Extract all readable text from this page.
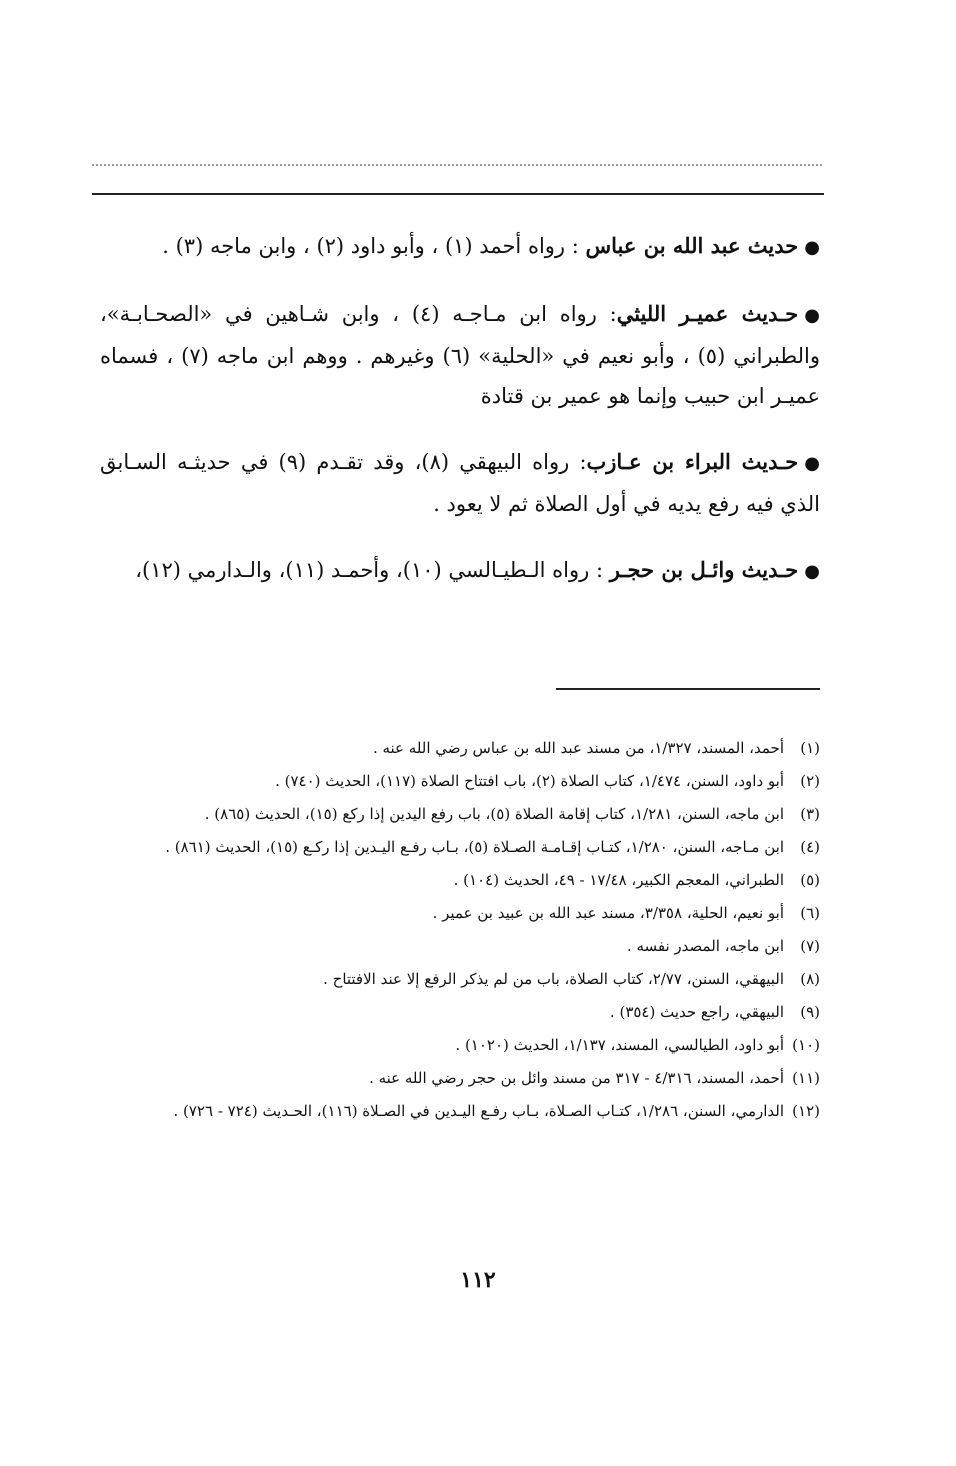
●حديث عبد الله بن عباس : رواه أحمد (١) ، وأبو داود (٢) ، وابن ماجه (٣) .

●حـديث عميـر الليثي: رواه ابن مـاجـه (٤) ، وابن شـاهين في «الصحـابـة»، والطبراني (٥) ، وأبو نعيم في «الحلية» (٦) وغيرهم . ووهم ابن ماجه (٧) ، فسماه عميـر ابن حبيب وإنما هو عمير بن قتادة

●حـديث البراء بن عـازب: رواه البيهقي (٨)، وقد تقـدم (٩) في حديثـه السـابق الذي فيه رفع يديه في أول الصلاة ثم لا يعود .

●حـديث وائـل بن حجـر : رواه الـطيـالسي (١٠)، وأحمـد (١١)، والـدارمي (١٢)،

(١)
أحمد، المسند، ١/٣٢٧، من مسند عبد الله بن عباس رضي الله عنه .
(٢)
أبو داود، السنن، ١/٤٧٤، كتاب الصلاة (٢)، باب افتتاح الصلاة (١١٧)، الحديث (٧٤٠) .
(٣)
ابن ماجه، السنن، ١/٢٨١، كتاب إقامة الصلاة (٥)، باب رفع اليدين إذا ركع (١٥)، الحديث (٨٦٥) .
(٤)
ابن مـاجه، السنن، ١/٢٨٠، كتـاب إقـامـة الصـلاة (٥)، بـاب رفـع اليـدين إذا ركـع (١٥)، الحديث (٨٦١) .
(٥)
الطبراني، المعجم الكبير، ١٧/٤٨ - ٤٩، الحديث (١٠٤) .
(٦)
أبو نعيم، الحلية، ٣/٣٥٨، مسند عبد الله بن عبيد بن عمير .
(٧)
ابن ماجه، المصدر نفسه .
(٨)
البيهقي، السنن، ٢/٧٧، كتاب الصلاة، باب من لم يذكر الرفع إلا عند الافتتاح .
(٩)
البيهقي، راجع حديث (٣٥٤) .
(١٠)
أبو داود، الطيالسي، المسند، ١/١٣٧، الحديث (١٠٢٠) .
(١١)
أحمد، المسند، ٤/٣١٦ - ٣١٧ من مسند وائل بن حجر رضي الله عنه .
(١٢)
الدارمي، السنن، ١/٢٨٦، كتـاب الصـلاة، بـاب رفـع اليـدين في الصـلاة (١١٦)، الحـديث (٧٢٤ - ٧٢٦) .
١١٢
